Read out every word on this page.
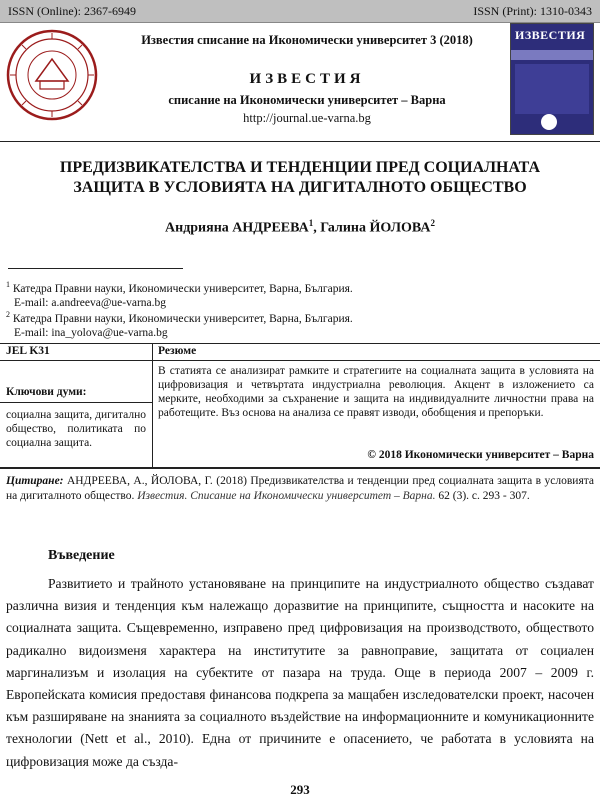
ISSN (Online): 2367-6949	ISSN (Print): 1310-0343
Известия списание на Икономически университет 3 (2018)
ИЗВЕСТИЯ
списание на Икономически университет – Варна
http://journal.ue-varna.bg
ИЗВЕСТИЯ
ПРЕДИЗВИКАТЕЛСТВА И ТЕНДЕНЦИИ ПРЕД СОЦИАЛНАТА
ЗАЩИТА В УСЛОВИЯТА НА ДИГИТАЛНОТО ОБЩЕСТВО
Андрияна АНДРЕЕВА$^1$, Галина ЙОЛОВА$^2$
$^1$ Катедра Правни науки, Икономически университет, Варна, България.
E-mail: a.andreeva@ue-varna.bg
$^2$ Катедра Правни науки, Икономически университет, Варна, България.
E-mail: ina_yolova@ue-varna.bg
JEL K31	Резюме
Ключови думи:
социална защита, дигитално общество, политиката по социална защита.
В статията се анализират рамките и стратегиите на социалната защита в условията на цифровизация и четвъртата индустриална революция. Акцент в изложението са мерките, необходими за съхранение и защита на индивидуалните личностни права на работещите. Въз основа на анализа се правят изводи, обобщения и препоръки.
© 2018 Икономически университет – Варна
Цитиране: АНДРЕЕВА, А., ЙОЛОВА, Г. (2018) Предизвикателства и тенденции пред социалната защита в условията на дигиталното общество. Известия. Списание на Икономически университет – Варна. 62 (3). с. 293 - 307.
Въведение

Развитието и трайното установяване на принципите на индустриалното общество създават различна визия и тенденция към належащо доразвитие на принципите, същността и насоките на социалната защита. Същевременно, изправено пред цифровизация на производството, обществото радикално видоизменя характера на институтите за равноправие, защитата от социален маргинализъм и изолация на субектите от пазара на труда. Още в периода 2007 – 2009 г. Европейската комисия предоставя финансова подкрепа за мащабен изследователски проект, насочен към разширяване на знанията за социалното въздействие на информационните и комуникационните технологии (Nett et al., 2010). Една от причините е опасението, че работата в условията на цифровизация може да създа-

293
